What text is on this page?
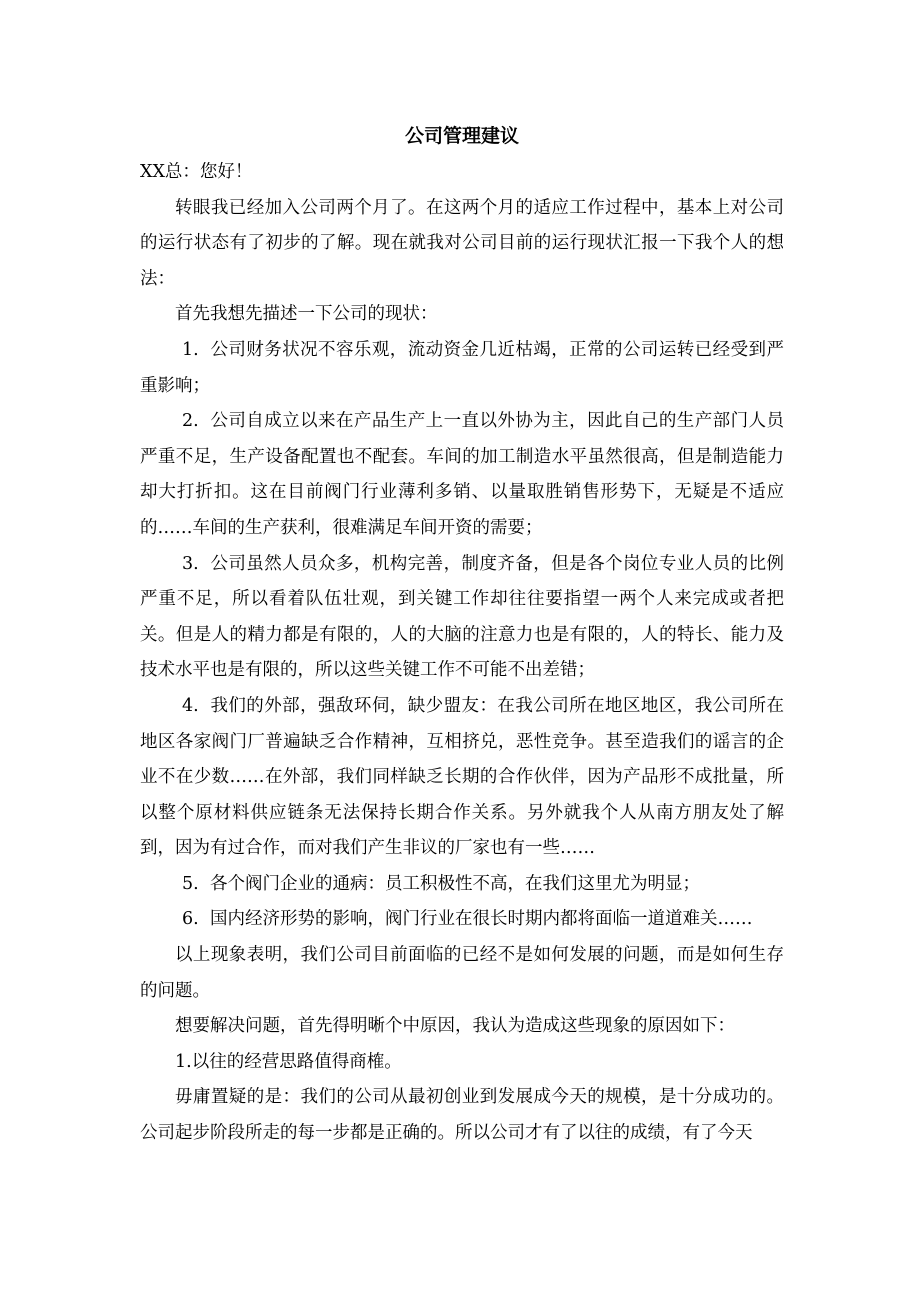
公司管理建议

XX总：您好！

转眼我已经加入公司两个月了。在这两个月的适应工作过程中，基本上对公司的运行状态有了初步的了解。现在就我对公司目前的运行现状汇报一下我个人的想法：

首先我想先描述一下公司的现状：

1. 公司财务状况不容乐观，流动资金几近枯竭，正常的公司运转已经受到严重影响；

2. 公司自成立以来在产品生产上一直以外协为主，因此自己的生产部门人员严重不足，生产设备配置也不配套。车间的加工制造水平虽然很高，但是制造能力却大打折扣。这在目前阀门行业薄利多销、以量取胜销售形势下，无疑是不适应的……车间的生产获利，很难满足车间开资的需要；

3. 公司虽然人员众多，机构完善，制度齐备，但是各个岗位专业人员的比例严重不足，所以看着队伍壮观，到关键工作却往往要指望一两个人来完成或者把关。但是人的精力都是有限的，人的大脑的注意力也是有限的，人的特长、能力及技术水平也是有限的，所以这些关键工作不可能不出差错；

4. 我们的外部，强敌环伺，缺少盟友：在我公司所在地区地区，我公司所在地区各家阀门厂普遍缺乏合作精神，互相挤兑，恶性竞争。甚至造我们的谣言的企业不在少数……在外部，我们同样缺乏长期的合作伙伴，因为产品形不成批量，所以整个原材料供应链条无法保持长期合作关系。另外就我个人从南方朋友处了解到，因为有过合作，而对我们产生非议的厂家也有一些……

5. 各个阀门企业的通病：员工积极性不高，在我们这里尤为明显；

6. 国内经济形势的影响，阀门行业在很长时期内都将面临一道道难关……

以上现象表明，我们公司目前面临的已经不是如何发展的问题，而是如何生存的问题。

想要解决问题，首先得明晰个中原因，我认为造成这些现象的原因如下：

1.以往的经营思路值得商榷。

毋庸置疑的是：我们的公司从最初创业到发展成今天的规模，是十分成功的。公司起步阶段所走的每一步都是正确的。所以公司才有了以往的成绩，有了今天
